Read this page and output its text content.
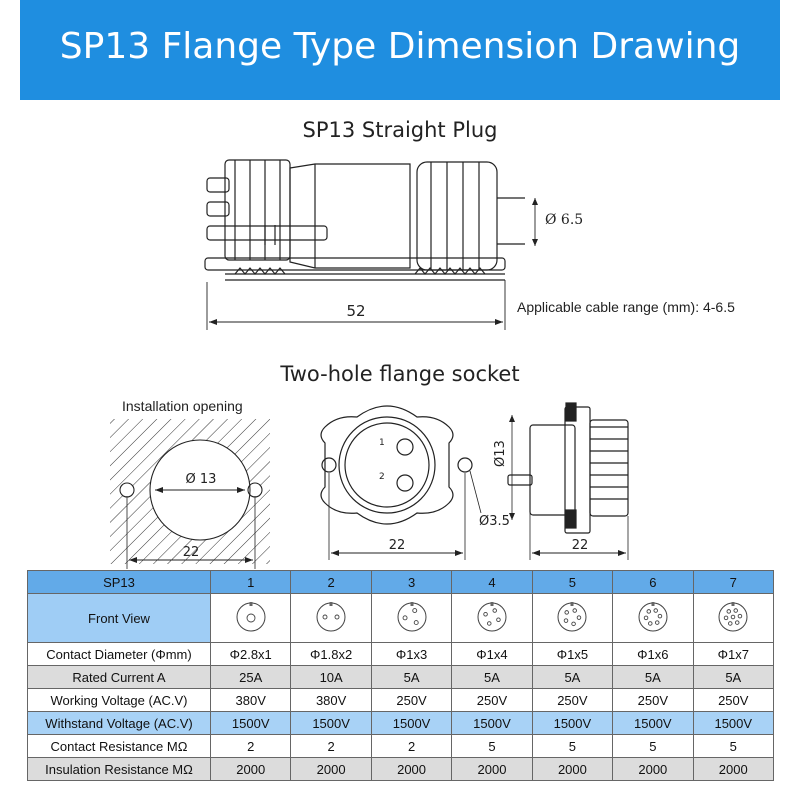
SP13 Flange Type Dimension Drawing
SP13 Straight Plug
52
Ø 6.5
Applicable cable range (mm): 4-6.5
Two-hole flange socket
Installation opening
Ø 13
22
1
2
22
Ø3.5
Ø13
22
SP13	1	2	3	4	5	6	7
Front View							
Contact Diameter (Φmm)	Φ2.8x1	Φ1.8x2	Φ1x3	Φ1x4	Φ1x5	Φ1x6	Φ1x7
Rated Current A	25A	10A	5A	5A	5A	5A	5A
Working Voltage (AC.V)	380V	380V	250V	250V	250V	250V	250V
Withstand Voltage (AC.V)	1500V	1500V	1500V	1500V	1500V	1500V	1500V
Contact Resistance MΩ	2	2	2	5	5	5	5
Insulation Resistance MΩ	2000	2000	2000	2000	2000	2000	2000
